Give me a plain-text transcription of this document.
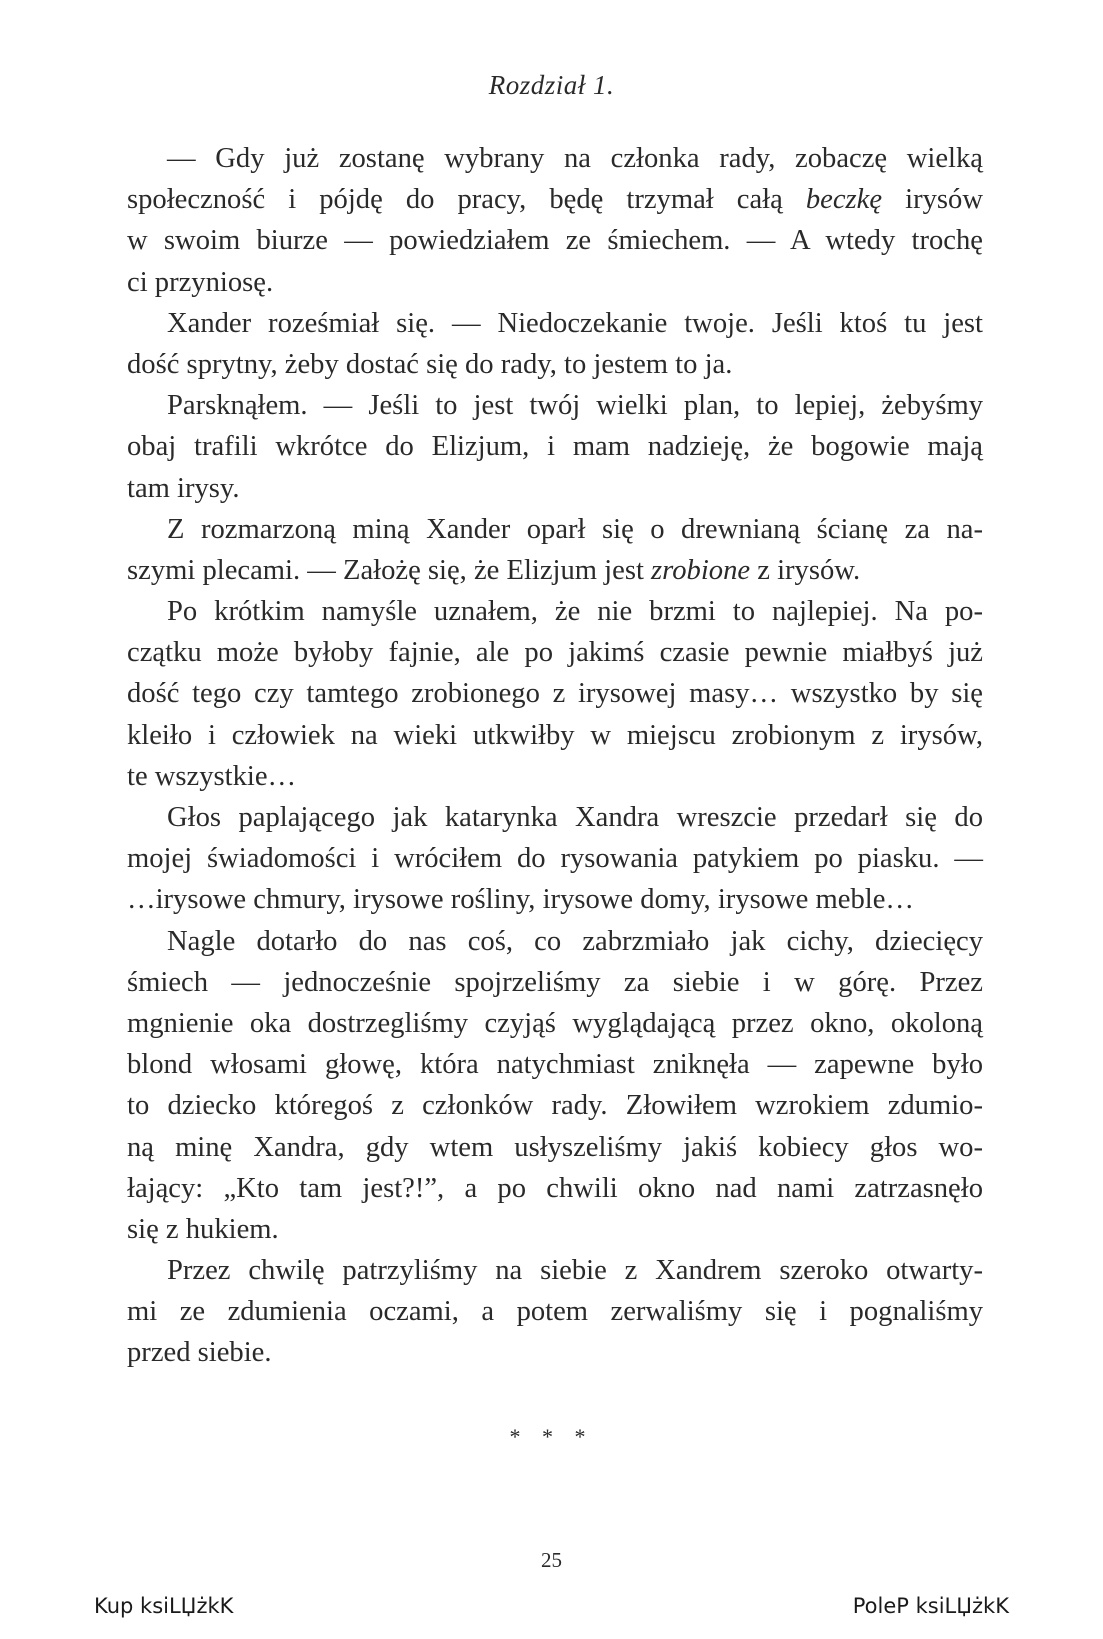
Rozdział 1.
— Gdy już zostanę wybrany na członka rady, zobaczę wielką
społeczność i pójdę do pracy, będę trzymał całą beczkę irysów
w swoim biurze — powiedziałem ze śmiechem. — A wtedy trochę
ci przyniosę.
Xander roześmiał się. — Niedoczekanie twoje. Jeśli ktoś tu jest
dość sprytny, żeby dostać się do rady, to jestem to ja.
Parsknąłem. — Jeśli to jest twój wielki plan, to lepiej, żebyśmy
obaj trafili wkrótce do Elizjum, i mam nadzieję, że bogowie mają
tam irysy.
Z rozmarzoną miną Xander oparł się o drewnianą ścianę za na-
szymi plecami. — Założę się, że Elizjum jest zrobione z irysów.
Po krótkim namyśle uznałem, że nie brzmi to najlepiej. Na po-
czątku może byłoby fajnie, ale po jakimś czasie pewnie miałbyś już
dość tego czy tamtego zrobionego z irysowej masy… wszystko by się
kleiło i człowiek na wieki utkwiłby w miejscu zrobionym z irysów,
te wszystkie…
Głos paplającego jak katarynka Xandra wreszcie przedarł się do
mojej świadomości i wróciłem do rysowania patykiem po piasku. —
…irysowe chmury, irysowe rośliny, irysowe domy, irysowe meble…
Nagle dotarło do nas coś, co zabrzmiało jak cichy, dziecięcy
śmiech — jednocześnie spojrzeliśmy za siebie i w górę. Przez
mgnienie oka dostrzegliśmy czyjąś wyglądającą przez okno, okoloną
blond włosami głowę, która natychmiast zniknęła — zapewne było
to dziecko któregoś z członków rady. Złowiłem wzrokiem zdumio-
ną minę Xandra, gdy wtem usłyszeliśmy jakiś kobiecy głos wo-
łający: „Kto tam jest?!”, a po chwili okno nad nami zatrzasnęło
się z hukiem.
Przez chwilę patrzyliśmy na siebie z Xandrem szeroko otwarty-
mi ze zdumienia oczami, a potem zerwaliśmy się i pognaliśmy
przed siebie.
* * *
25
Kup ksiLЏżkK	PoleP ksiLЏżkK
